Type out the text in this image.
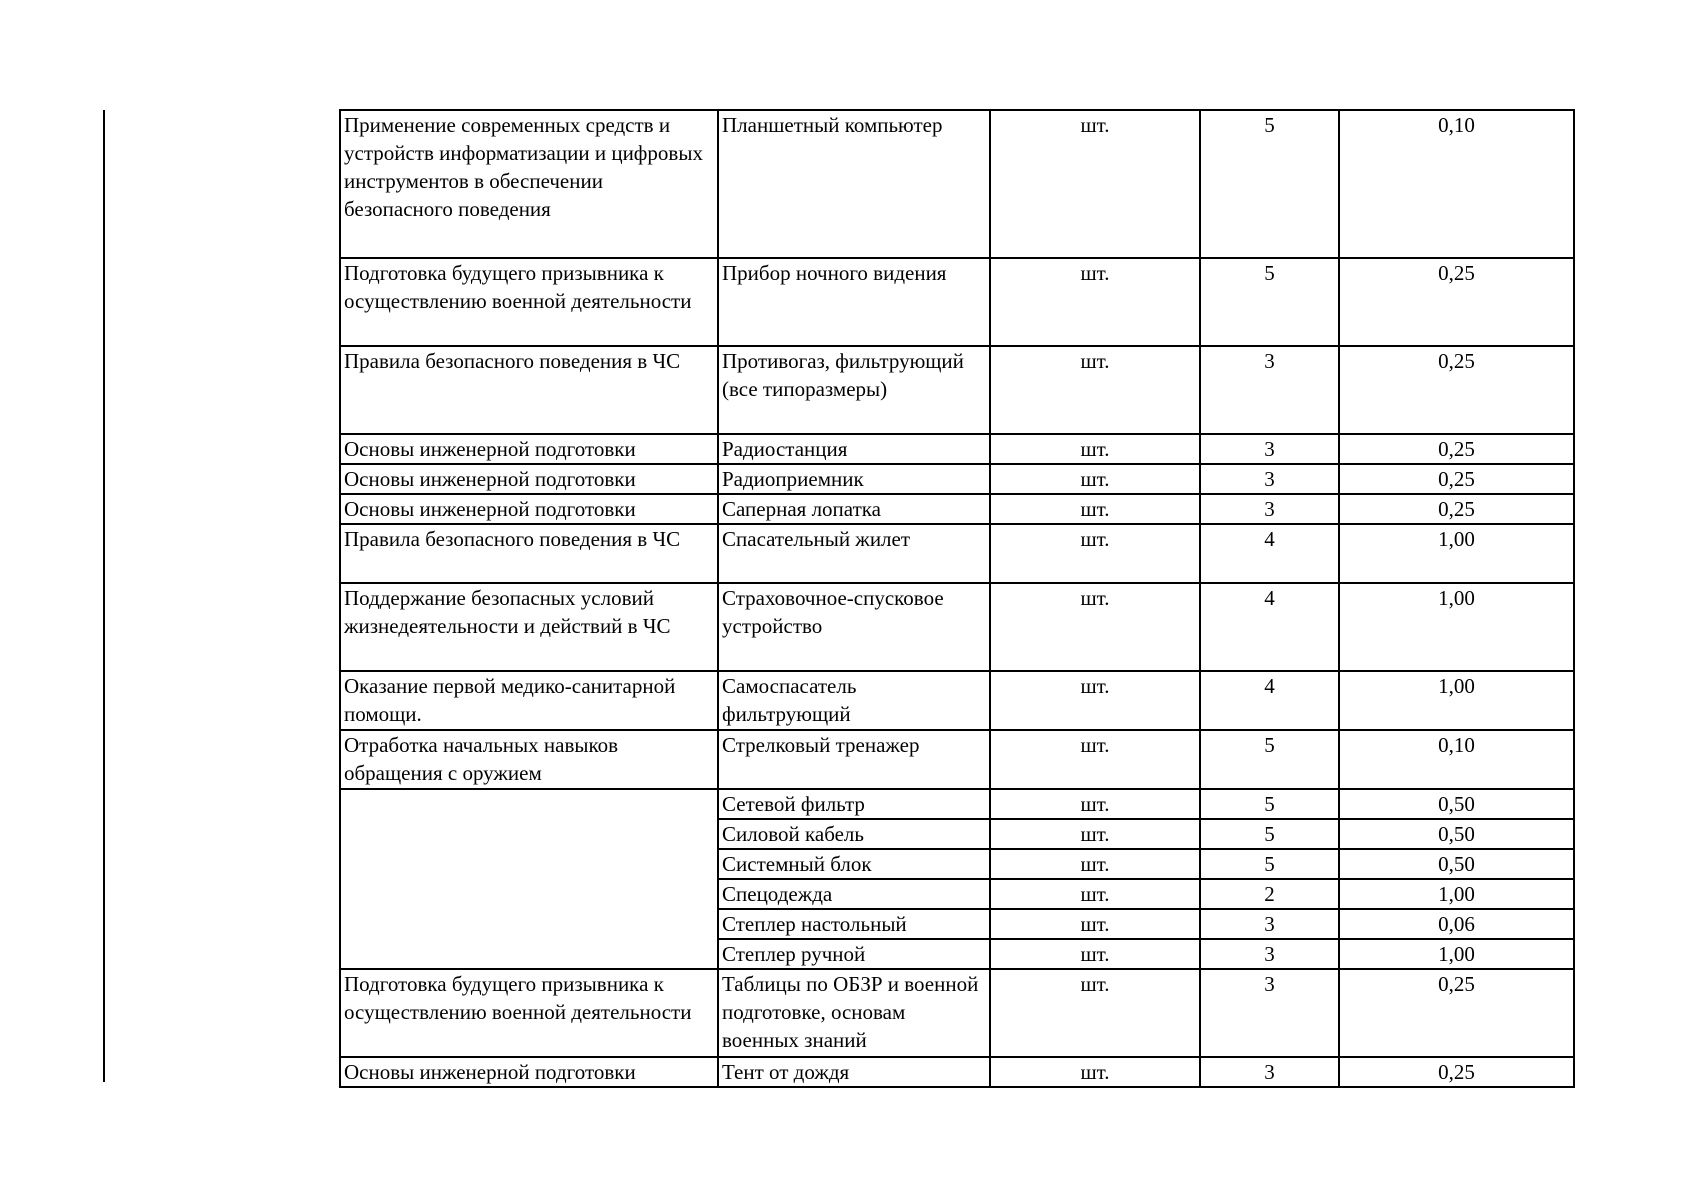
Применение современных средств и устройств информатизации и цифровых инструментов в обеспечении безопасного поведения	Планшетный компьютер	шт.	5	0,10
Подготовка будущего призывника к осуществлению военной деятельности	Прибор ночного видения	шт.	5	0,25
Правила безопасного поведения в ЧС	Противогаз, фильтрующий (все типоразмеры)	шт.	3	0,25
Основы инженерной подготовки	Радиостанция	шт.	3	0,25
Основы инженерной подготовки	Радиоприемник	шт.	3	0,25
Основы инженерной подготовки	Саперная лопатка	шт.	3	0,25
Правила безопасного поведения в ЧС	Спасательный жилет	шт.	4	1,00
Поддержание безопасных условий жизнедеятельности и действий в ЧС	Страховочное-спусковое устройство	шт.	4	1,00
Оказание первой медико-санитарной помощи.	Самоспасатель фильтрующий	шт.	4	1,00
Отработка начальных навыков обращения с оружием	Стрелковый тренажер	шт.	5	0,10
	Сетевой фильтр	шт.	5	0,50
	Силовой кабель	шт.	5	0,50
	Системный блок	шт.	5	0,50
	Спецодежда	шт.	2	1,00
	Степлер настольный	шт.	3	0,06
	Степлер ручной	шт.	3	1,00
Подготовка будущего призывника к осуществлению военной деятельности	Таблицы по ОБЗР и военной подготовке, основам военных знаний	шт.	3	0,25
Основы инженерной подготовки	Тент от дождя	шт.	3	0,25
